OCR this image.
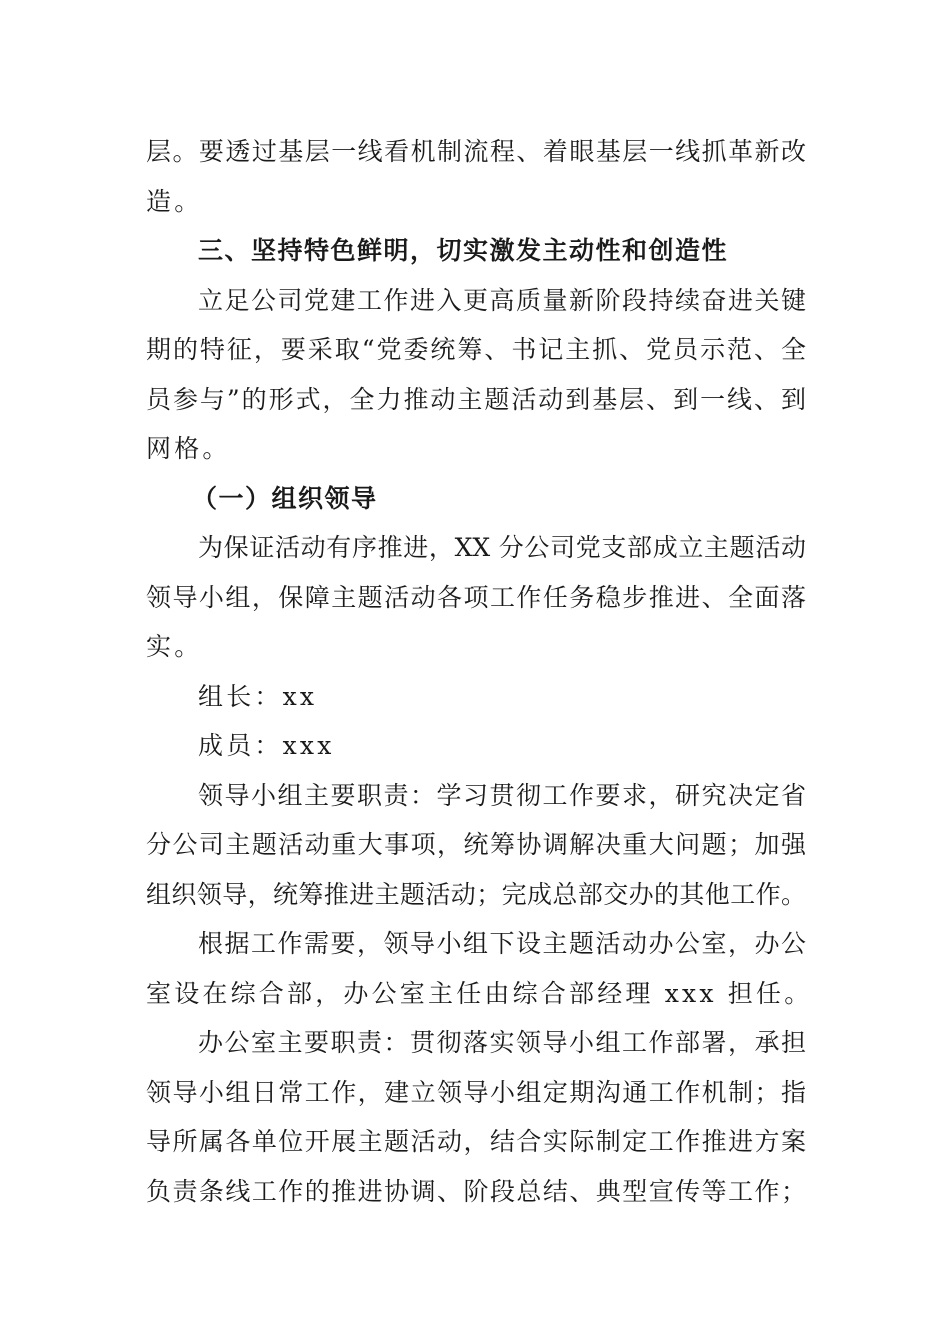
层。要透过基层一线看机制流程、着眼基层一线抓革新改
造。
三、坚持特色鲜明，切实激发主动性和创造性
立足公司党建工作进入更高质量新阶段持续奋进关键
期的特征，要采取“党委统筹、书记主抓、党员示范、全
员参与”的形式，全力推动主题活动到基层、到一线、到
网格。
（一）组织领导
为保证活动有序推进，XX 分公司党支部成立主题活动
领导小组，保障主题活动各项工作任务稳步推进、全面落
实。
组长：xx
成员：xxx
领导小组主要职责：学习贯彻工作要求，研究决定省
分公司主题活动重大事项，统筹协调解决重大问题；加强
组织领导，统筹推进主题活动；完成总部交办的其他工作。
根据工作需要，领导小组下设主题活动办公室，办公
室设在综合部，办公室主任由综合部经理 xxx 担任。
办公室主要职责：贯彻落实领导小组工作部署，承担
领导小组日常工作，建立领导小组定期沟通工作机制；指
导所属各单位开展主题活动，结合实际制定工作推进方案
负责条线工作的推进协调、阶段总结、典型宣传等工作；
